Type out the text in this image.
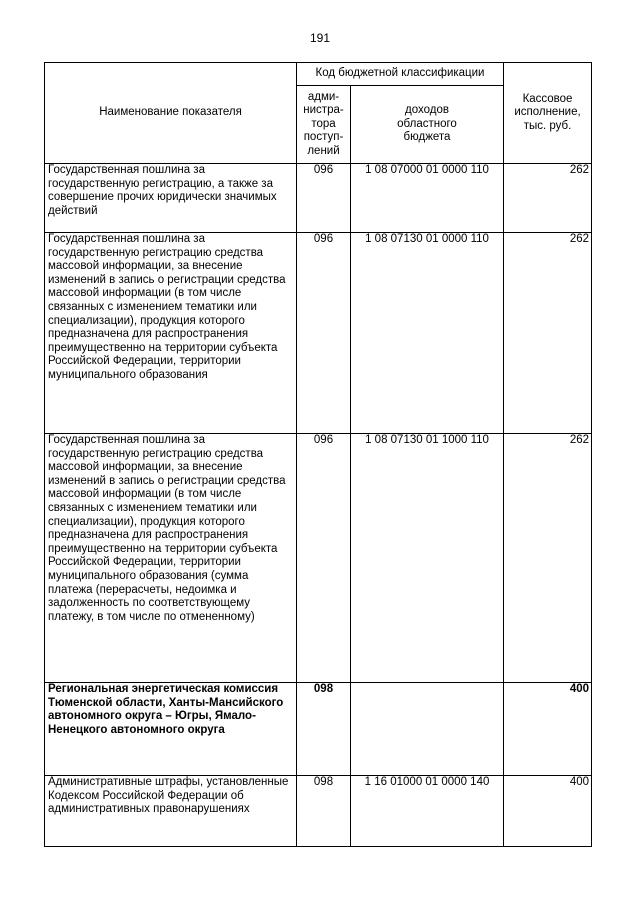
191
Наименование показателя	Код бюджетной классификации		Кассовое
исполнение,
тыс. руб.
	адми-
нистра-
тора
поступ-
лений	доходов
областного
бюджета	
Государственная пошлина за государственную регистрацию, а также за совершение прочих юридически значимых действий	096	1 08 07000 01 0000 110	262
Государственная пошлина за государственную регистрацию средства массовой информации, за внесение изменений в запись о регистрации средства массовой информации (в том числе связанных с изменением тематики или специализации), продукция которого предназначена для распространения преимущественно на территории субъекта Российской Федерации, территории муниципального образования	096	1 08 07130 01 0000 110	262
Государственная пошлина за государственную регистрацию средства массовой информации, за внесение изменений в запись о регистрации средства массовой информации (в том числе связанных с изменением тематики или специализации), продукция которого предназначена для распространения преимущественно на территории субъекта Российской Федерации, территории муниципального образования (сумма платежа (перерасчеты, недоимка и задолженность по соответствующему платежу, в том числе по отмененному)	096	1 08 07130 01 1000 110	262
Региональная энергетическая комиссия Тюменской области, Ханты-Мансийского автономного округа – Югры, Ямало-Ненецкого автономного округа	098		400
Административные штрафы, установленные Кодексом Российской Федерации об административных правонарушениях	098	1 16 01000 01 0000 140	400
